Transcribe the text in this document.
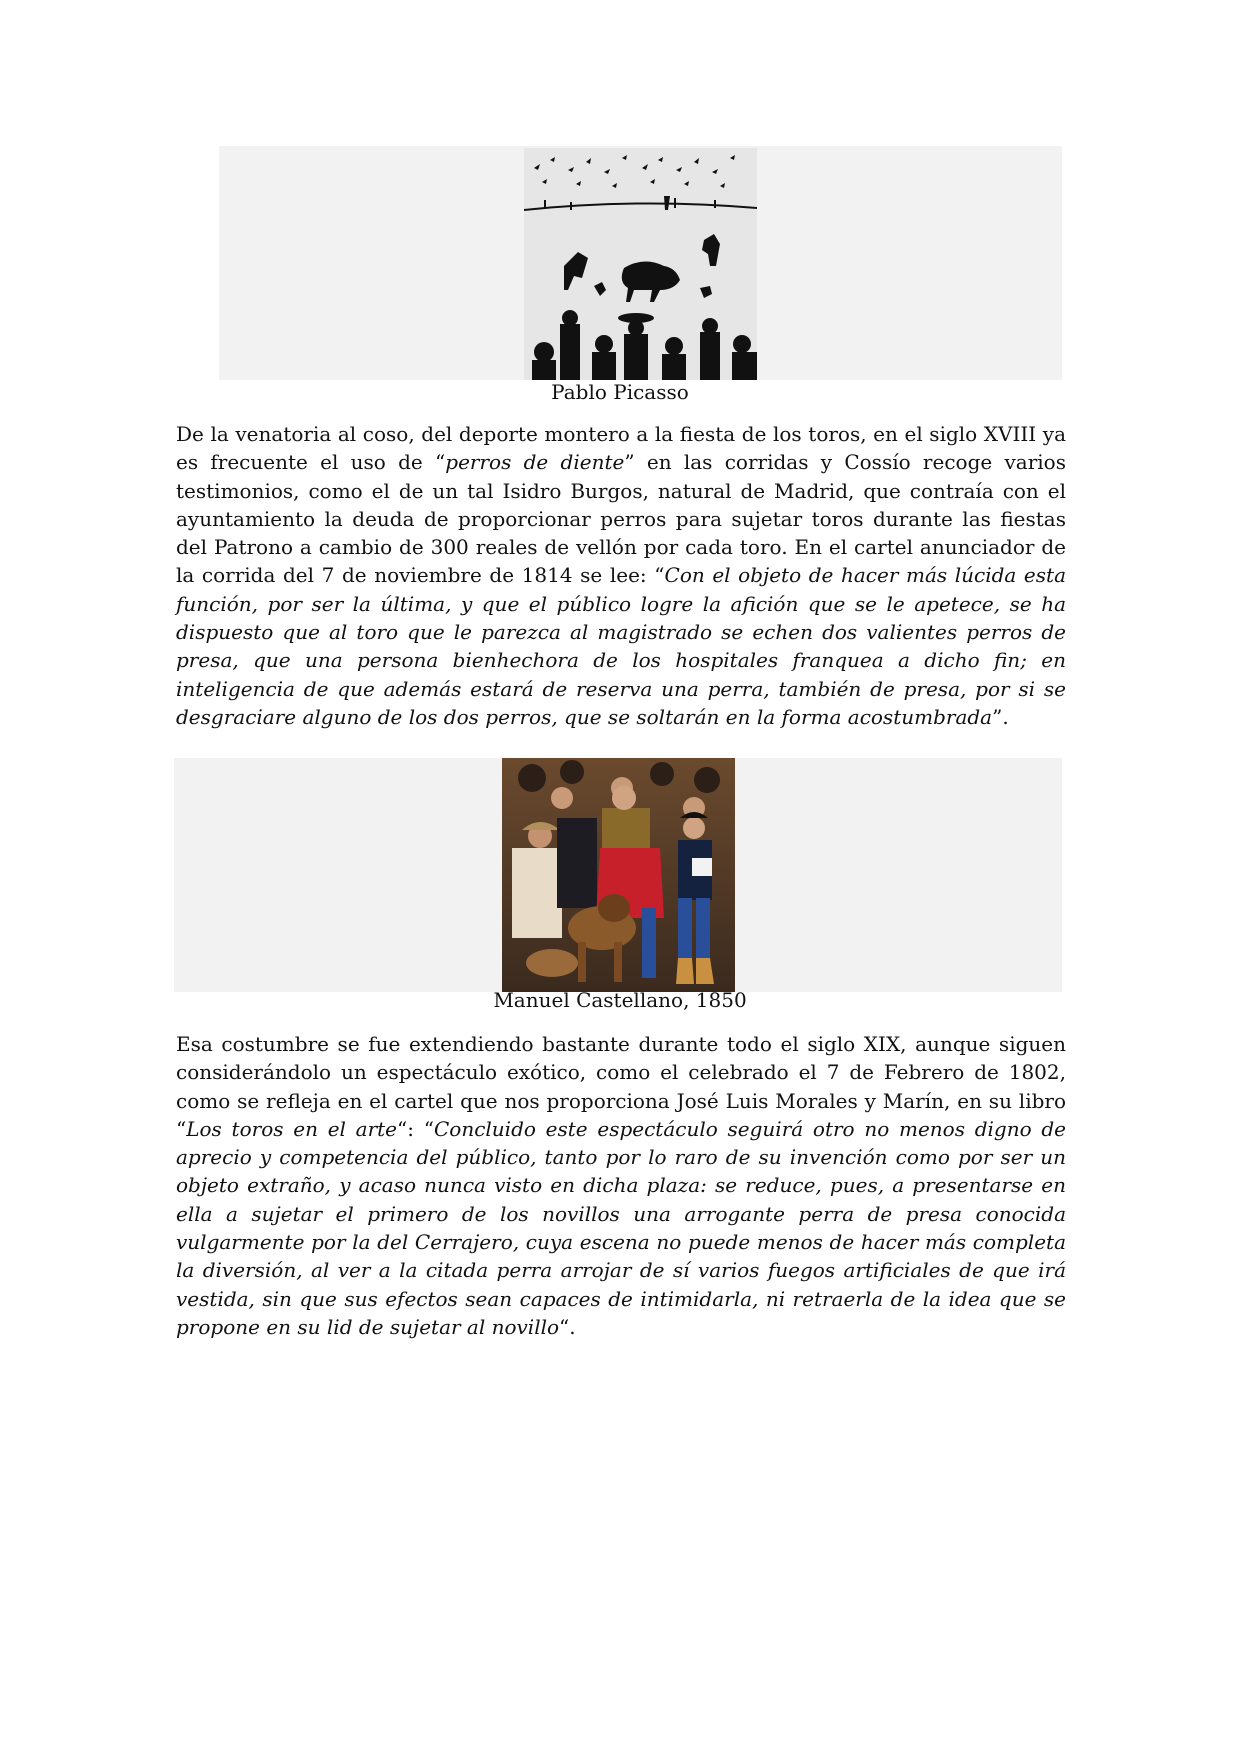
Pablo Picasso

De la venatoria al coso, del deporte montero a la fiesta de los toros, en el siglo XVIII ya es frecuente el uso de “perros de diente” en las corridas y Cossío recoge varios testimonios, como el de un tal Isidro Burgos, natural de Madrid, que contraía con el ayuntamiento la deuda de proporcionar perros para sujetar toros durante las fiestas del Patrono a cambio de 300 reales de vellón por cada toro. En el cartel anunciador de la corrida del 7 de noviembre de 1814 se lee: “Con el objeto de hacer más lúcida esta función, por ser la última, y que el público logre la afición que se le apetece, se ha dispuesto que al toro que le parezca al magistrado se echen dos valientes perros de presa, que una persona bienhechora de los hospitales franquea a dicho fin; en inteligencia de que además estará de reserva una perra, también de presa, por si se desgraciare alguno de los dos perros, que se soltarán en la forma acostumbrada”.

Manuel Castellano, 1850

Esa costumbre se fue extendiendo bastante durante todo el siglo XIX, aunque siguen considerándolo un espectáculo exótico, como el celebrado el 7 de Febrero de 1802, como se refleja en el cartel que nos proporciona José Luis Morales y Marín, en su libro “Los toros en el arte“: “Concluido este espectáculo seguirá otro no menos digno de aprecio y competencia del público, tanto por lo raro de su invención como por ser un objeto extraño, y acaso nunca visto en dicha plaza: se reduce, pues, a presentarse en ella a sujetar el primero de los novillos una arrogante perra de presa conocida vulgarmente por la del Cerrajero, cuya escena no puede menos de hacer más completa la diversión, al ver a la citada perra arrojar de sí varios fuegos artificiales de que irá vestida, sin que sus efectos sean capaces de intimidarla, ni retraerla de la idea que se propone en su lid de sujetar al novillo“.
